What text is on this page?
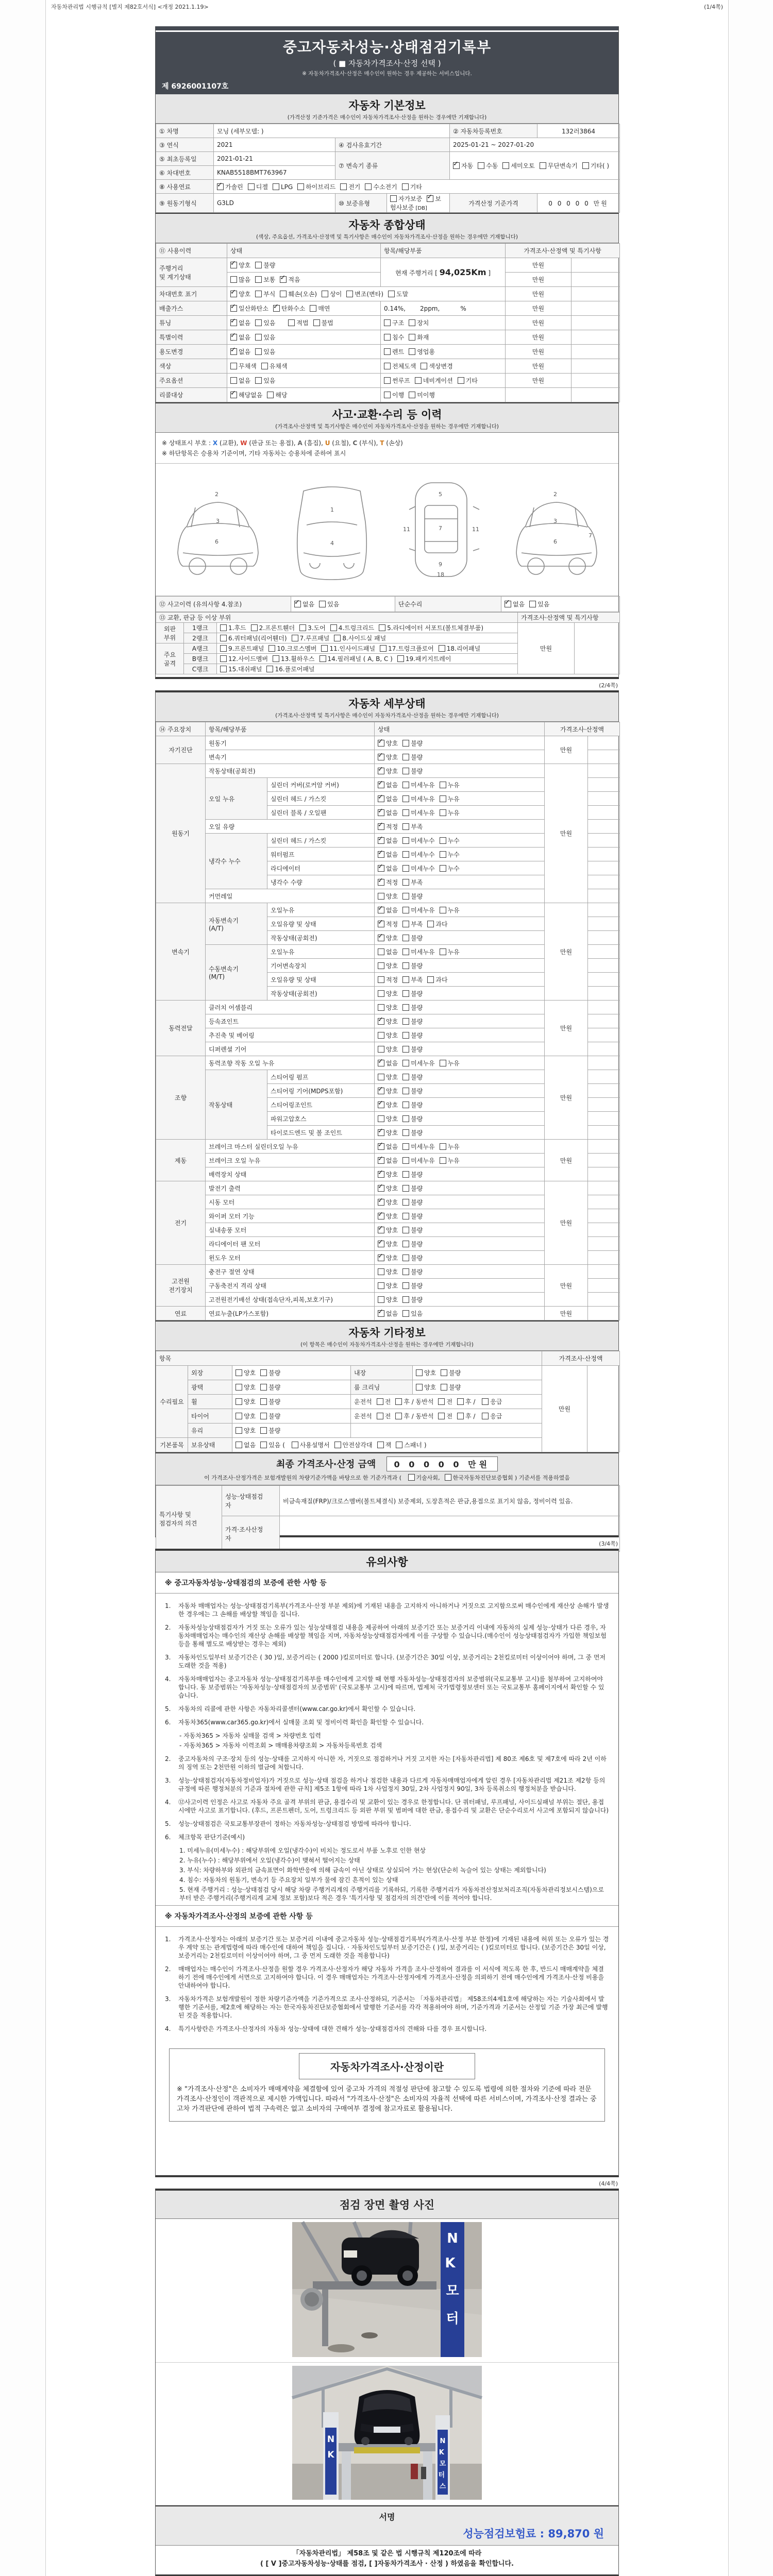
자동차관리법 시행규칙 [별지 제82호서식] <개정 2021.1.19>	(1/4쪽)
중고자동차성능·상태점검기록부

( ■ 자동차가격조사·산정 선택 )

※ 자동차가격조사·산정은 매수인이 원하는 경우 제공하는 서비스입니다.

제 6926001107호
자동차 기본정보

(가격산정 기준가격은 매수인이 자동차가격조사·산정을 원하는 경우에만 기재합니다)

① 차명	모닝 (세부모델: )			② 자동차등록번호	132러3864
③ 연식	2021	④ 검사유효기간		2025-01-21 ~ 2027-01-20	
⑤ 최초등록일	2021-01-21	⑦ 변속기 종류	✓자동 수동 세미오토 무단변속기 기타( )
⑥ 차대번호	KNAB5518BMT763967				
⑧ 사용연료	✓가솔린 디젤 LPG 하이브리드 전기 수소전기 기타
⑨ 원동기형식	G3LD	⑩ 보증유형	자가보증 ✓ 보험사보증 [DB]	가격산정 기준가격	0 0 0 0 0 만원
자동차 종합상태

(색상, 주요옵션, 가격조사·산정액 및 특기사항은 매수인이 자동차가격조사·산정을 원하는 경우에만 기재합니다)

⑪ 사용이력	상태	항목/해당부품	가격조사·산정액 및 특기사항	
주행거리
및 계기상태	✓양호 불량	현재 주행거리 [ 94,025Km ]	만원	
	많음 보통 ✓ 적음		만원	
차대번호 표기	✓양호 부식 훼손(오손) 상이 변조(변타) 도말		만원	
배출가스	✓일산화탄소 ✓ 탄화수소 매연	0.14%, 2ppm, %	만원	
튜닝	✓없음 있음 적법 불법	구조 장치	만원	
특별이력	✓없음 있음	침수 화재	만원	
용도변경	✓없음 있음	렌트 영업용	만원	
색상	무채색 유채색	전체도색 색상변경	만원	
주요옵션	없음 있음	썬루프 네비게이션 기타	만원	
리콜대상	✓해당없음 해당	이행 미이행		
사고·교환·수리 등 이력

(가격조사·산정액 및 특기사항은 매수인이 자동차가격조사·산정을 원하는 경우에만 기재합니다)

※ 상태표시 부호 : X (교환), W (판금 또는 용접), A (흠집), U (요철), C (부식), T (손상)
※ 하단항목은 승용차 기준이며, 기타 자동차는 승용차에 준하여 표시
2
3
6
1
4
5
7
9
11	11
18
2
3
6
7
⑫ 사고이력 (유의사항 4.참조)	✓없음 있음	단순수리	✓없음 있음
⑬ 교환, 판금 등 이상 부위			가격조사·산정액 및 특기사항	
외판
부위	1랭크	1.후드 2.프론트휀더 3.도어 4.트렁크리드 5.라디에이터 서포트(볼트체결부품)	만원	
	2랭크	6.쿼터패널(리어휀더) 7.루프패널 8.사이드실 패널		
주요
골격	A랭크	9.프론트패널 10.크로스멤버 11.인사이드패널 17.트렁크플로어 18.리어패널		
	B랭크	12.사이드멤버 13.휠하우스 14.필러패널 ( A, B, C ) 19.패키지트레이		
	C랭크	15.대쉬패널 16.플로어패널		
(2/4쪽)
자동차 세부상태

(가격조사·산정액 및 특기사항은 매수인이 자동차가격조사·산정을 원하는 경우에만 기재합니다)

⑭ 주요장치	항목/해당부품		상태	가격조사·산정액	
자기진단	원동기	✓양호 불량	만원	
	변속기	✓양호 불량	
원동기	작동상태(공회전)	✓양호 불량	만원	
	오일 누유	실린더 커버(로커암 커버)	✓없음 미세누유 누유	
		실린더 헤드 / 가스킷	✓없음 미세누유 누유	
		실린더 블록 / 오일팬	✓없음 미세누유 누유	
	오일 유량	✓적정 부족	
	냉각수 누수	실린더 헤드 / 가스킷	✓없음 미세누수 누수	
		워터펌프	✓없음 미세누수 누수	
		라디에이터	✓없음 미세누수 누수	
		냉각수 수량	✓적정 부족	
	커먼레일		양호 불량		
변속기	자동변속기
(A/T)	오일누유	✓없음 미세누유 누유	만원	
		오일유량 및 상태	✓적정 부족 과다	
		작동상태(공회전)	✓양호 불량	
	수동변속기
(M/T)	오일누유	없음 미세누유 누유		
		기어변속장치	양호 불량		
		오일유량 및 상태	적정 부족 과다		
		작동상태(공회전)	양호 불량		
동력전달	클러치 어셈블리		양호 불량	만원	
	등속죠인트	✓양호 불량	
	추진축 및 베어링		양호 불량		
	디퍼렌셜 기어		양호 불량		
조향	동력조향 작동 오일 누유	✓없음 미세누유 누유	만원	
	작동상태	스티어링 펌프	양호 불량		
		스티어링 기어(MDPS포함)	✓양호 불량	
		스티어링조인트	✓양호 불량	
		파워고압호스	양호 불량		
		타이로드엔드 및 볼 조인트	✓양호 불량	
제동	브레이크 마스터 실린더오일 누유	✓없음 미세누유 누유	만원	
	브레이크 오일 누유	✓없음 미세누유 누유	
	배력장치 상태	✓양호 불량	
전기	발전기 출력	✓양호 불량	만원	
	시동 모터	✓양호 불량	
	와이퍼 모터 기능	✓양호 불량	
	실내송풍 모터	✓양호 불량	
	라디에이터 팬 모터	✓양호 불량	
	윈도우 모터	✓양호 불량	
고전원
전기장치	충전구 절연 상태		양호 불량	만원	
	구동축전지 격리 상태		양호 불량		
	고전원전기배선 상태(접속단자,피복,보호기구)		양호 불량		
연료	연료누출(LP가스포함)	✓없음 있음	만원	
자동차 기타정보

(이 항목은 매수인이 자동차가격조사·산정을 원하는 경우에만 기재합니다)

항목					가격조사·산정액	
수리필요	외장	양호 불량	내장	양호 불량	만원	
	광택	양호 불량	룸 크리닝	양호 불량		
	휠	양호 불량	운전석 전 후 / 동반석 전 후 / 응급			
	타이어	양호 불량	운전석 전 후 / 동반석 전 후 / 응급			
	유리	양호 불량				
기본품목	보유상태	없음 있음 ( 사용설명서 안전삼각대 잭 스패너 )				
최종 가격조사·산정 금액 0 0 0 0 0 만원
이 가격조사·산정가격은 보험개발원의 차량기준가액을 바탕으로 한 기준가격과 ( 기술사회, 한국자동차진단보증협회 ) 기준서를 적용하였음
특기사항 및
점검자의 의견	성능·상태점검
자	비금속재질(FRP)/크로스멤버(볼트체결식) 보증제외, 도장흔적은 판금,용접으로 표기치 않음, 정비이력 있음.
	가격·조사산정
자	
(3/4쪽)
유의사항
※ 중고자동차성능·상태점검의 보증에 관한 사항 등
1.	자동차 매매업자는 성능·상태점검기록부(가격조사·산정 부분 제외)에 기재된 내용을 고지하지 아니하거나 거짓으로 고지함으로써 매수인에게 재산상 손해가 발생한 경우에는 그 손해를 배상할 책임을 집니다.
2.	자동차성능상태점검자가 거짓 또는 오류가 있는 성능상태점검 내용을 제공하여 아래의 보증기간 또는 보증거리 이내에 자동차의 실제 성능·상태가 다른 경우, 자동차매매업자는 매수인의 재산상 손해를 배상할 책임을 지며, 자동차성능상태점검자에게 이를 구상할 수 있습니다.(매수인이 성능상태점검자가 가입한 책임보험 등을 통해 별도로 배상받는 경우는 제외)
3.	자동차인도일부터 보증기간은 ( 30 )일, 보증거리는 ( 2000 )킬로미터로 합니다. (보증기간은 30일 이상, 보증거리는 2천킬로미터 이상이어야 하며, 그 중 먼저 도래한 것을 적용)
4.	자동차매매업자는 중고자동차 성능·상태점검기록부를 매수인에게 고지할 때 현행 자동차성능·상태점검자의 보증범위(국토교통부 고시)를 첨부하여 고지하여야 합니다. 동 보증범위는 '자동차성능·상태점검자의 보증범위' (국토교통부 고시)에 따르며, 법제처 국가법령정보센터 또는 국토교통부 홈페이지에서 확인할 수 있습니다.
5.	자동차의 리콜에 관한 사항은 자동차리콜센터(www.car.go.kr)에서 확인할 수 있습니다.
6.	자동차365(www.car365.go.kr)에서 실매물 조회 및 정비이력 확인을 확인할 수 있습니다.
- 자동차365 > 자동차 실매물 검색 > 차량번호 입력
- 자동차365 > 자동차 이력조회 > 매매용차량조회 > 자동차등록번호 검색
2.	중고자동차의 구조·장치 등의 성능·상태를 고지하지 아니한 자, 거짓으로 점검하거나 거짓 고지한 자는 [자동차관리법] 제 80조 제6호 및 제7호에 따라 2년 이하의 징역 또는 2천만원 이하의 벌금에 처합니다.
3.	성능·상태점검자(자동차정비업자)가 거짓으로 성능·상태 점검을 하거나 점검한 내용과 다르게 자동차매매업자에게 알린 경우 [자동차관리법 제21조 제2항 등의 규정에 따른 행정처분의 기준과 절차에 관한 규칙] 제5조 1항에 따라 1차 사업정지 30일, 2차 사업정지 90일, 3차 등록취소의 행정처분을 받습니다.
4.	⑫사고이력 인정은 사고로 자동차 주요 골격 부위의 판금, 용접수리 및 교환이 있는 경우로 한정합니다. 단 쿼터패널, 루프패널, 사이드실패널 부위는 절단, 용접 시에만 사고로 표기합니다. (후드, 프론트펜더, 도어, 트렁크리드 등 외판 부위 및 범퍼에 대한 판금, 용접수리 및 교환은 단순수리로서 사고에 포함되지 않습니다)
5.	성능·상태점검은 국토교통부장관이 정하는 자동차성능·상태점검 방법에 따라야 합니다.
6.	체크항목 판단기준(예시)
1. 미세누유(미세누수) : 해당부위에 오일(냉각수)이 비치는 정도로서 부품 노후로 인한 현상
2. 누유(누수) : 해당부위에서 오일(냉각수)이 맺혀서 떨어지는 상태
3. 부식: 차량하부와 외판의 금속표면이 화학반응에 의해 금속이 아닌 상태로 상실되어 가는 현상(단순히 녹슬어 있는 상태는 제외합니다)
4. 침수: 자동차의 원동기, 변속기 등 주요장치 일부가 물에 잠긴 흔적이 있는 상태
5. 현재 주행거리 : 성능·상태점검 당시 해당 차량 주행거리계의 주행거리를 기록하되, 기록한 주행거리가 자동차전산정보처리조직(자동차관리정보시스템)으로부터 받은 주행거리(주행거리계 교체 정보 포함)보다 적은 경우 '특기사항 및 점검자의 의견'란에 이를 적어야 합니다.
※ 자동차가격조사·산정의 보증에 관한 사항 등
1.	가격조사·산정자는 아래의 보증기간 또는 보증거리 이내에 중고자동차 성능·상태점검기록부(가격조사·산정 부분 한정)에 기재된 내용에 허위 또는 오류가 있는 경우 계약 또는 관계법령에 따라 매수인에 대하여 책임을 집니다. · 자동차인도일부터 보증기간은 ( )일, 보증거리는 ( )킬로미터로 합니다. (보증기간은 30일 이상, 보증거리는 2천킬로미터 이상이어야 하며, 그 중 먼저 도래한 것을 적용합니다)
2.	매매업자는 매수인이 가격조사·산정을 원할 경우 가격조사·산정자가 해당 자동차 가격을 조사·산정하여 결과를 이 서식에 적도록 한 후, 반드시 매매계약을 체결하기 전에 매수인에게 서면으로 고지하여야 합니다. 이 경우 매매업자는 가격조사·산정자에게 가격조사·산정을 의뢰하기 전에 매수인에게 가격조사·산정 비용을 안내하여야 합니다.
3.	자동차가격은 보험개발원이 정한 차량기준가액을 기준가격으로 조사·산정하되, 기준서는 「자동차관리법」 제58조의4제1호에 해당하는 자는 기술사회에서 발행한 기준서를, 제2호에 해당하는 자는 한국자동차진단보증협회에서 발행한 기준서를 각각 적용하여야 하며, 기준가격과 기준서는 산정일 기준 가장 최근에 발행된 것을 적용합니다.
4.	특기사항란은 가격조사·산정자의 자동차 성능·상태에 대한 견해가 성능·상태점검자의 견해와 다를 경우 표시합니다.
자동차가격조사·산정이란
※ "가격조사·산정"은 소비자가 매매계약을 체결함에 있어 중고차 가격의 적절성 판단에 참고할 수 있도록 법령에 의한 절차와 기준에 따라 전문 가격조사·산정인이 객관적으로 제시한 가액입니다. 따라서 "가격조사·산정"은 소비자의 자율적 선택에 따른 서비스이며, 가격조사·산정 결과는 중고차 가격판단에 관하여 법적 구속력은 없고 소비자의 구매여부 결정에 참고자료로 활용됩니다.
(4/4쪽)
점검 장면 촬영 사진
N K 모 터
N K
N K 모 터 스
서명
성능점검보험료 : 89,870 원
「자동차관리법」 제58조 및 같은 법 시행규칙 제120조에 따라
( [ V ]중고자동차성능·상태를 점검, [ ]자동차가격조사 · 산정 ) 하였음을 확인합니다.
